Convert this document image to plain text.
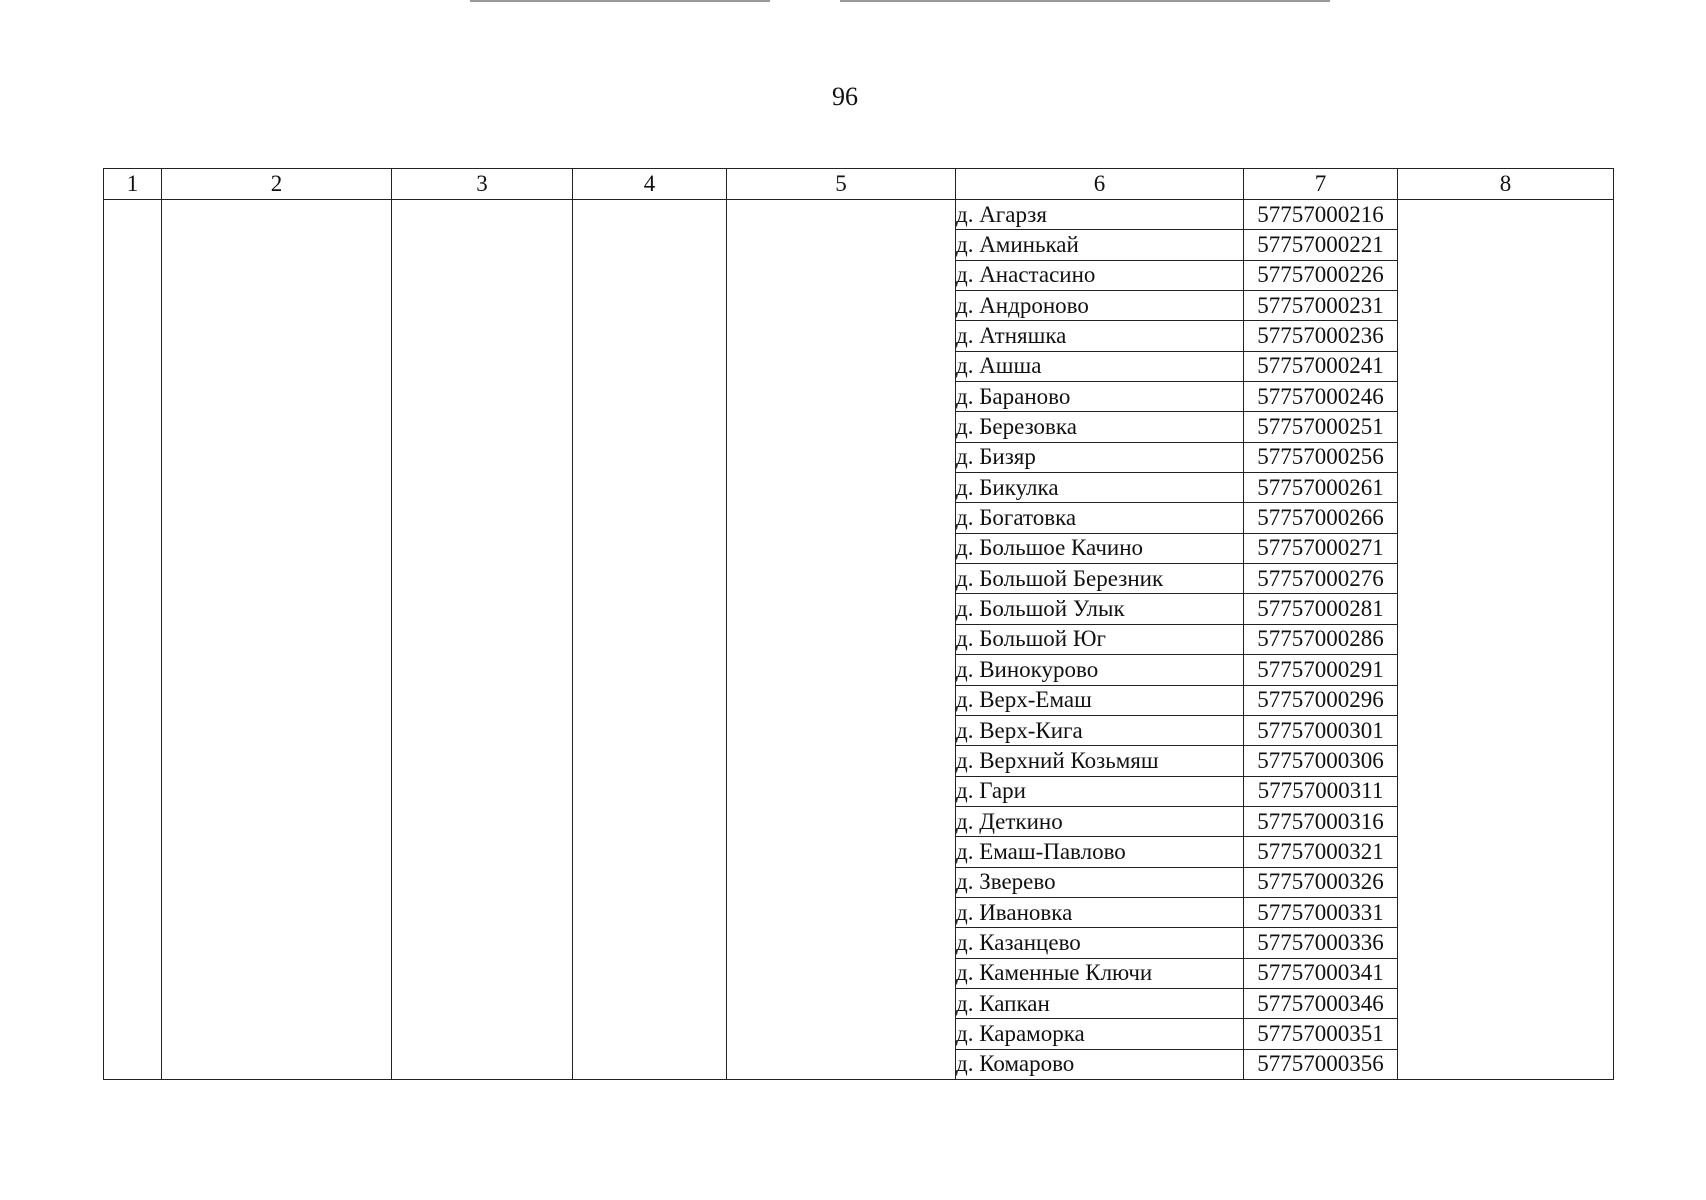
96
1	2	3	4	5	6	7	8
					д. Агарзя	57757000216	
					д. Аминькай	57757000221	
					д. Анастасино	57757000226	
					д. Андроново	57757000231	
					д. Атняшка	57757000236	
					д. Ашша	57757000241	
					д. Бараново	57757000246	
					д. Березовка	57757000251	
					д. Бизяр	57757000256	
					д. Бикулка	57757000261	
					д. Богатовка	57757000266	
					д. Большое Качино	57757000271	
					д. Большой Березник	57757000276	
					д. Большой Улык	57757000281	
					д. Большой Юг	57757000286	
					д. Винокурово	57757000291	
					д. Верх-Емаш	57757000296	
					д. Верх-Кига	57757000301	
					д. Верхний Козьмяш	57757000306	
					д. Гари	57757000311	
					д. Деткино	57757000316	
					д. Емаш-Павлово	57757000321	
					д. Зверево	57757000326	
					д. Ивановка	57757000331	
					д. Казанцево	57757000336	
					д. Каменные Ключи	57757000341	
					д. Капкан	57757000346	
					д. Караморка	57757000351	
					д. Комарово	57757000356	
